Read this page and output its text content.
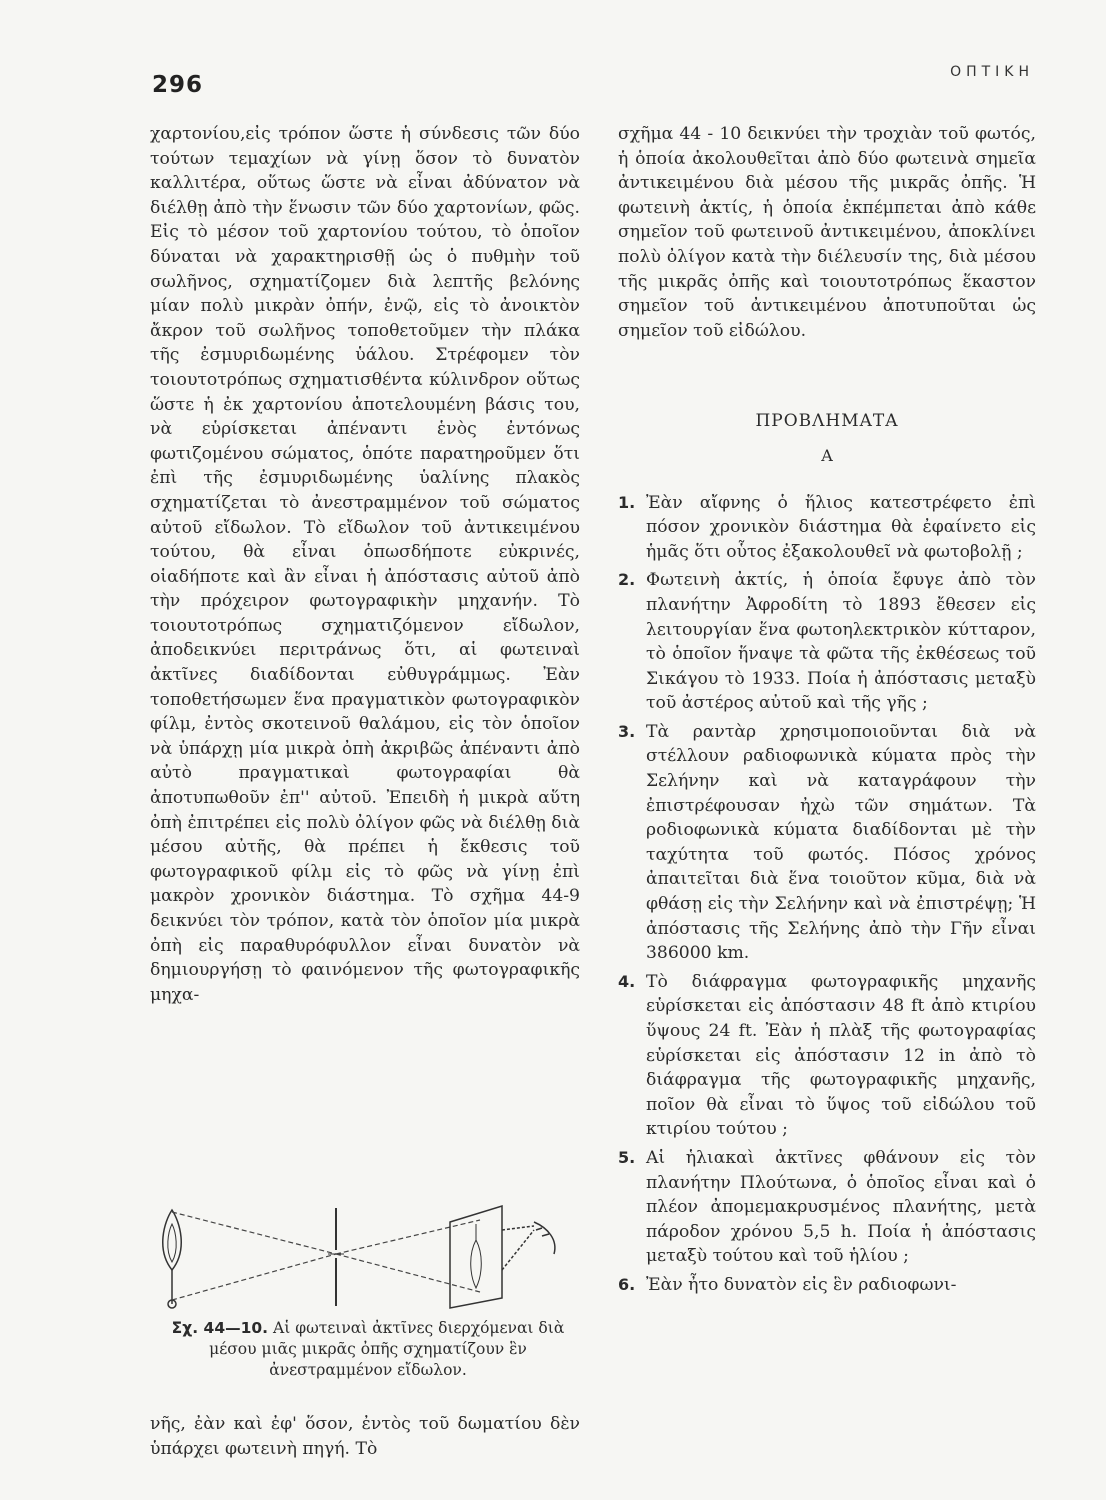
296	ΟΠΤΙΚΗ

χαρτονίου,εἰς τρόπον ὥστε ἡ σύνδεσις τῶν δύο τούτων τεμαχίων νὰ γίνῃ ὅσον τὸ δυνατὸν καλλιτέρα, οὕτως ὥστε νὰ εἶναι ἀδύνατον νὰ διέλθῃ ἀπὸ τὴν ἕνωσιν τῶν δύο χαρτονίων, φῶς. Εἰς τὸ μέσον τοῦ χαρτονίου τούτου, τὸ ὁποῖον δύναται νὰ χαρακτηρισθῇ ὡς ὁ πυθμὴν τοῦ σωλῆνος, σχηματίζομεν διὰ λεπτῆς βελόνης μίαν πολὺ μικρὰν ὀπήν, ἐνῷ, εἰς τὸ ἀνοικτὸν ἄκρον τοῦ σωλῆνος τοποθετοῦμεν τὴν πλάκα τῆς ἐσμυριδωμένης ὑάλου. Στρέφομεν τὸν τοιουτοτρόπως σχηματισθέντα κύλινδρον οὕτως ὥστε ἡ ἐκ χαρτονίου ἀποτελουμένη βάσις του, νὰ εὑρίσκεται ἀπέναντι ἑνὸς ἐντόνως φωτιζομένου σώματος, ὁπότε παρατηροῦμεν ὅτι ἐπὶ τῆς ἐσμυριδωμένης ὑαλίνης πλακὸς σχηματίζεται τὸ ἀνεστραμμένον τοῦ σώματος αὐτοῦ εἴδωλον. Τὸ εἴδωλον τοῦ ἀντικειμένου τούτου, θὰ εἶναι ὁπωσδήποτε εὐκρινές, οἱαδήποτε καὶ ἂν εἶναι ἡ ἀπόστασις αὐτοῦ ἀπὸ τὴν πρόχειρον φωτογραφικὴν μηχανήν. Τὸ τοιουτοτρόπως σχηματιζόμενον εἴδωλον, ἀποδεικνύει περιτράνως ὅτι, αἱ φωτειναὶ ἀκτῖνες διαδίδονται εὐθυγράμμως. Ἐὰν τοποθετήσωμεν ἕνα πραγματικὸν φωτογραφικὸν φίλμ, ἐντὸς σκοτεινοῦ θαλάμου, εἰς τὸν ὁποῖον νὰ ὑπάρχῃ μία μικρὰ ὀπὴ ἀκριβῶς ἀπέναντι ἀπὸ αὐτὸ πραγματικαὶ φωτογραφίαι θὰ ἀποτυπωθοῦν ἐπ'' αὐτοῦ. Ἐπειδὴ ἡ μικρὰ αὕτη ὀπὴ ἐπιτρέπει εἰς πολὺ ὀλίγον φῶς νὰ διέλθῃ διὰ μέσου αὐτῆς, θὰ πρέπει ἡ ἔκθεσις τοῦ φωτογραφικοῦ φίλμ εἰς τὸ φῶς νὰ γίνῃ ἐπὶ μακρὸν χρονικὸν διάστημα. Τὸ σχῆμα 44-9 δεικνύει τὸν τρόπον, κατὰ τὸν ὁποῖον μία μικρὰ ὀπὴ εἰς παραθυρόφυλλον εἶναι δυνατὸν νὰ δημιουργήσῃ τὸ φαινόμενον τῆς φωτογραφικῆς μηχα-

Σχ. 44—10. Αἱ φωτειναὶ ἀκτῖνες διερχόμεναι διὰ μέσου μιᾶς μικρᾶς ὀπῆς σχηματίζουν ἓν ἀνεστραμμένον εἴδωλον.
νῆς, ἐὰν καὶ ἐφ' ὅσον, ἐντὸς τοῦ δωματίου δὲν ὑπάρχει φωτεινὴ πηγή. Τὸ

σχῆμα 44 - 10 δεικνύει τὴν τροχιὰν τοῦ φωτός, ἡ ὁποία ἀκολουθεῖται ἀπὸ δύο φωτεινὰ σημεῖα ἀντικειμένου διὰ μέσου τῆς μικρᾶς ὀπῆς. Ἡ φωτεινὴ ἀκτίς, ἡ ὁποία ἐκπέμπεται ἀπὸ κάθε σημεῖον τοῦ φωτεινοῦ ἀντικειμένου, ἀποκλίνει πολὺ ὀλίγον κατὰ τὴν διέλευσίν της, διὰ μέσου τῆς μικρᾶς ὀπῆς καὶ τοιουτοτρόπως ἕκαστον σημεῖον τοῦ ἀντικειμένου ἀποτυποῦται ὡς σημεῖον τοῦ εἰδώλου.

ΠΡΟΒΛΗΜΑΤΑ
Α
1. Ἐὰν αἴφνης ὁ ἥλιος κατεστρέφετο ἐπὶ πόσον χρονικὸν διάστημα θὰ ἐφαίνετο εἰς ἡμᾶς ὅτι οὗτος ἐξακολουθεῖ νὰ φωτοβολῇ ;
2. Φωτεινὴ ἀκτίς, ἡ ὁποία ἔφυγε ἀπὸ τὸν πλανήτην Ἀφροδίτη τὸ 1893 ἔθεσεν εἰς λειτουργίαν ἕνα φωτοηλεκτρικὸν κύτταρον, τὸ ὁποῖον ἥναψε τὰ φῶτα τῆς ἐκθέσεως τοῦ Σικάγου τὸ 1933. Ποία ἡ ἀπόστασις μεταξὺ τοῦ ἀστέρος αὐτοῦ καὶ τῆς γῆς ;
3. Τὰ ραντὰρ χρησιμοποιοῦνται διὰ νὰ στέλλουν ραδιοφωνικὰ κύματα πρὸς τὴν Σελήνην καὶ νὰ καταγράφουν τὴν ἐπιστρέφουσαν ἠχὼ τῶν σημάτων. Τὰ ροδιοφωνικὰ κύματα διαδίδονται μὲ τὴν ταχύτητα τοῦ φωτός. Πόσος χρόνος ἀπαιτεῖται διὰ ἕνα τοιοῦτον κῦμα, διὰ νὰ φθάσῃ εἰς τὴν Σελήνην καὶ νὰ ἐπιστρέψῃ; Ἡ ἀπόστασις τῆς Σελήνης ἀπὸ τὴν Γῆν εἶναι 386000 km.
4. Τὸ διάφραγμα φωτογραφικῆς μηχανῆς εὑρίσκεται εἰς ἀπόστασιν 48 ft ἀπὸ κτιρίου ὕψους 24 ft. Ἐὰν ἡ πλὰξ τῆς φωτογραφίας εὑρίσκεται εἰς ἀπόστασιν 12 in ἀπὸ τὸ διάφραγμα τῆς φωτογραφικῆς μηχανῆς, ποῖον θὰ εἶναι τὸ ὕψος τοῦ εἰδώλου τοῦ κτιρίου τούτου ;
5. Αἱ ἡλιακαὶ ἀκτῖνες φθάνουν εἰς τὸν πλανήτην Πλούτωνα, ὁ ὁποῖος εἶναι καὶ ὁ πλέον ἀπομεμακρυσμένος πλανήτης, μετὰ πάροδον χρόνου 5,5 h. Ποία ἡ ἀπόστασις μεταξὺ τούτου καὶ τοῦ ἡλίου ;
6. Ἐὰν ἦτο δυνατὸν εἰς ἓν ραδιοφωνι-
